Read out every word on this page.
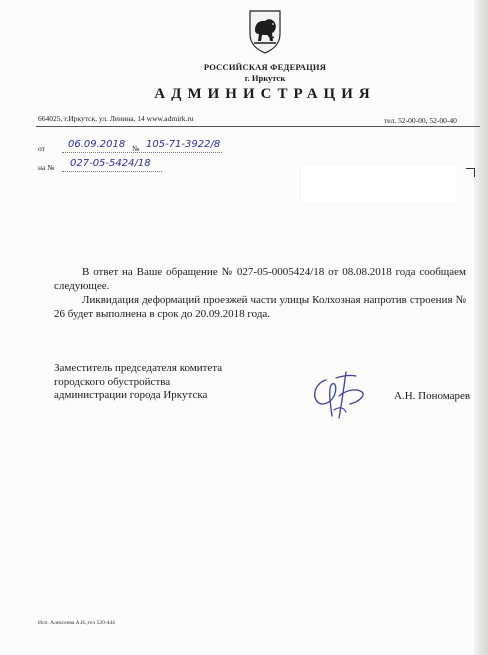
РОССИЙСКАЯ ФЕДЕРАЦИЯ
г. Иркутск
АДМИНИСТРАЦИЯ
664025, г.Иркутск, ул. Ленина, 14 www.admirk.ru	тел. 52-00-00, 52-00-40
от 06.09.2018 № 105-71-3922/8
на № 027-05-5424/18

В ответ на Ваше обращение № 027-05-0005424/18 от 08.08.2018 года сообщаем следующее.

Ликвидация деформаций проезжей части улицы Колхозная напротив строения № 26 будет выполнена в срок до 20.09.2018 года.

Заместитель председателя комитета
городского обустройства
администрации города Иркутска	А.Н. Пономарев
Исп. Алексеева А.Н.,тел 520-444
